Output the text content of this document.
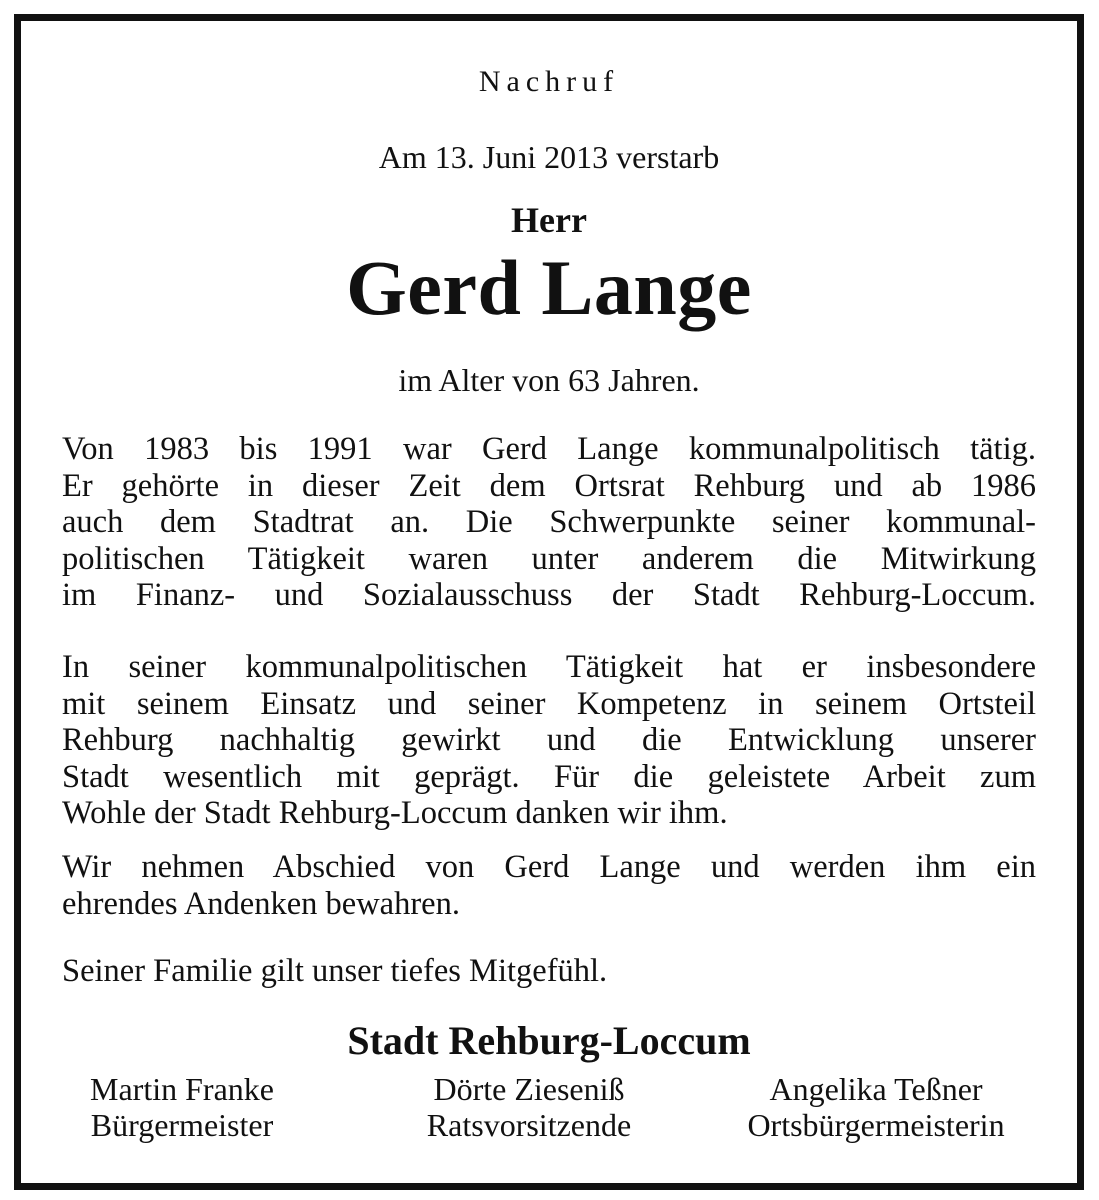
Nachruf
Am 13. Juni 2013 verstarb
Herr
Gerd Lange
im Alter von 63 Jahren.
Von 1983 bis 1991 war Gerd Lange kommunalpolitisch tätig.
Er gehörte in dieser Zeit dem Ortsrat Rehburg und ab 1986
auch dem Stadtrat an. Die Schwerpunkte seiner kommunal-
politischen Tätigkeit waren unter anderem die Mitwirkung
im Finanz- und Sozialausschuss der Stadt Rehburg-Loccum.
In seiner kommunalpolitischen Tätigkeit hat er insbesondere
mit seinem Einsatz und seiner Kompetenz in seinem Ortsteil
Rehburg nachhaltig gewirkt und die Entwicklung unserer
Stadt wesentlich mit geprägt. Für die geleistete Arbeit zum
Wohle der Stadt Rehburg-Loccum danken wir ihm.
Wir nehmen Abschied von Gerd Lange und werden ihm ein
ehrendes Andenken bewahren.
Seiner Familie gilt unser tiefes Mitgefühl.
Stadt Rehburg-Loccum
Martin Franke
Bürgermeister
Dörte Ziesenіß
Ratsvorsitzende
Angelika Teßner
Ortsbürgermeisterin
